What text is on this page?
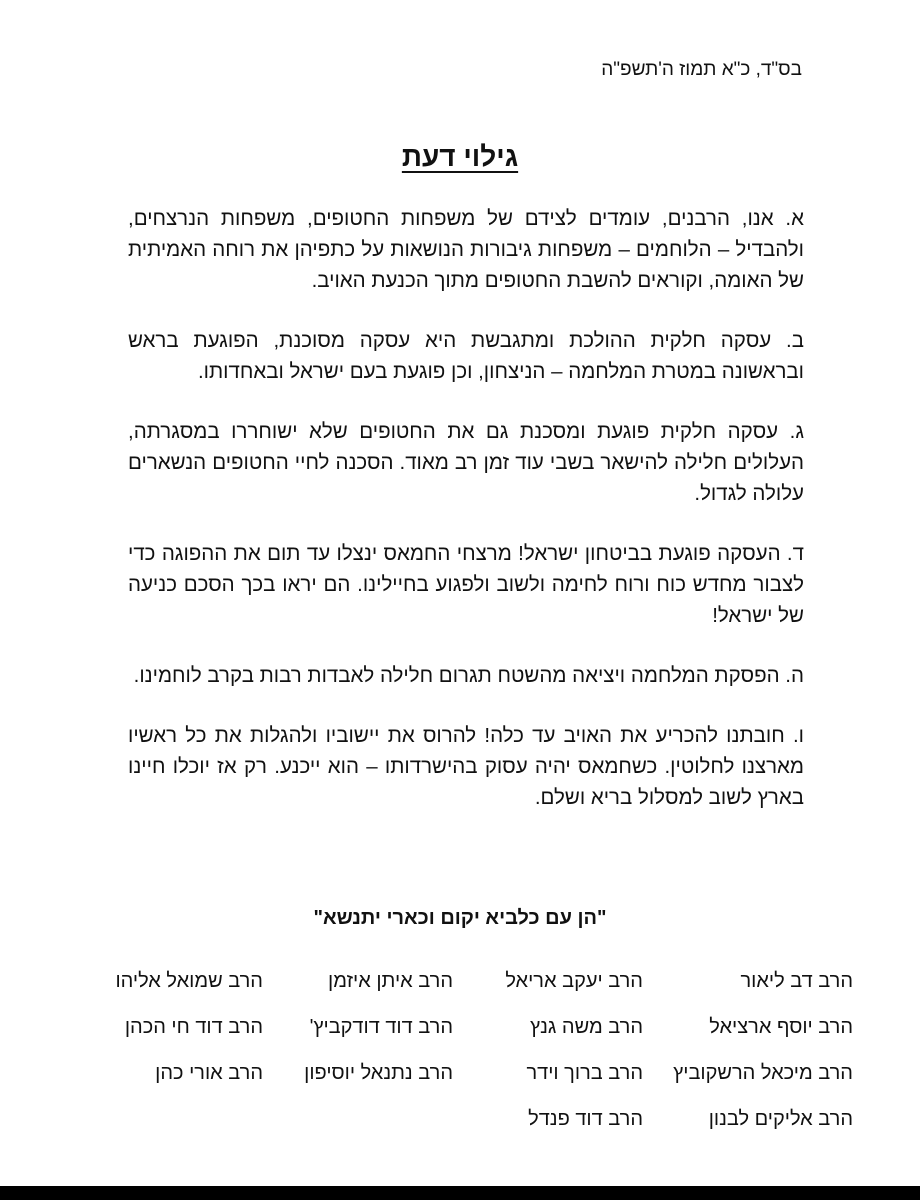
בס"ד, כ"א תמוז ה'תשפ"ה
גילוי דעת

א. אנו, הרבנים, עומדים לצידם של משפחות החטופים, משפחות הנרצחים, ולהבדיל – הלוחמים – משפחות גיבורות הנושאות על כתפיהן את רוחה האמיתית של האומה, וקוראים להשבת החטופים מתוך הכנעת האויב.

ב. עסקה חלקית ההולכת ומתגבשת היא עסקה מסוכנת, הפוגעת בראש ובראשונה במטרת המלחמה – הניצחון, וכן פוגעת בעם ישראל ובאחדותו.

ג. עסקה חלקית פוגעת ומסכנת גם את החטופים שלא ישוחררו במסגרתה, העלולים חלילה להישאר בשבי עוד זמן רב מאוד. הסכנה לחיי החטופים הנשארים עלולה לגדול.

ד. העסקה פוגעת בביטחון ישראל! מרצחי החמאס ינצלו עד תום את ההפוגה כדי לצבור מחדש כוח ורוח לחימה ולשוב ולפגוע בחיילינו. הם יראו בכך הסכם כניעה של ישראל!

ה. הפסקת המלחמה ויציאה מהשטח תגרום חלילה לאבדות רבות בקרב לוחמינו.

ו. חובתנו להכריע את האויב עד כלה! להרוס את יישוביו ולהגלות את כל ראשיו מארצנו לחלוטין. כשחמאס יהיה עסוק בהישרדותו – הוא ייכנע. רק אז יוכלו חיינו בארץ לשוב למסלול בריא ושלם.

"הן עם כלביא יקום וכארי יתנשא"
הרב דב ליאור
הרב יעקב אריאל
הרב איתן איזמן
הרב שמואל אליהו
הרב יוסף ארציאל
הרב משה גנץ
הרב דוד דודקביץ'
הרב דוד חי הכהן
הרב מיכאל הרשקוביץ
הרב ברוך וידר
הרב נתנאל יוסיפון
הרב אורי כהן
הרב אליקים לבנון
הרב דוד פנדל
